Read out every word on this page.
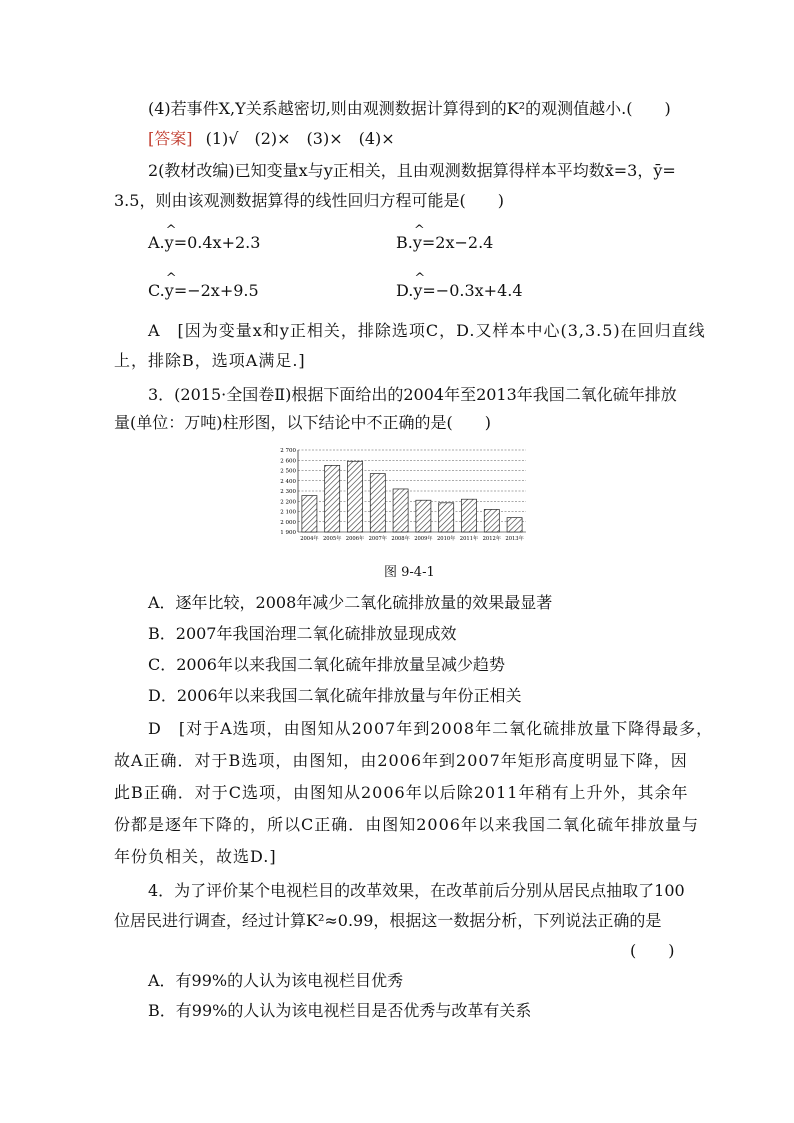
(4)若事件X,Y关系越密切,则由观测数据计算得到的K²的观测值越小.(　　)
[答案] (1)√　(2)×　(3)×　(4)×
2(教材改编)已知变量x与y正相关，且由观测数据算得样本平均数x̄=3，ȳ=
3.5，则由该观测数据算得的线性回归方程可能是(　　)
A.^ y=0.4x+2.3	B.^ y=2x−2.4
C.^ y=−2x+9.5	D.^ y=−0.3x+4.4
A　[因为变量x和y正相关，排除选项C，D.又样本中心(3,3.5)在回归直线
上，排除B，选项A满足.]
3．(2015·全国卷Ⅱ)根据下面给出的2004年至2013年我国二氧化硫年排放
量(单位：万吨)柱形图，以下结论中不正确的是(　　)
1 900
2 000
2 100
2 200
2 300
2 400
2 500
2 600
2 700
2004年 2005年 2006年 2007年 2008年 2009年 2010年 2011年 2012年 2013年
图 9-4-1
A．逐年比较，2008年减少二氧化硫排放量的效果最显著
B．2007年我国治理二氧化硫排放显现成效
C．2006年以来我国二氧化硫年排放量呈减少趋势
D．2006年以来我国二氧化硫年排放量与年份正相关
D　[对于A选项，由图知从2007年到2008年二氧化硫排放量下降得最多，
故A正确．对于B选项，由图知，由2006年到2007年矩形高度明显下降，因
此B正确．对于C选项，由图知从2006年以后除2011年稍有上升外，其余年
份都是逐年下降的，所以C正确．由图知2006年以来我国二氧化硫年排放量与
年份负相关，故选D.]
4．为了评价某个电视栏目的改革效果，在改革前后分别从居民点抽取了100
位居民进行调查，经过计算K²≈0.99，根据这一数据分析，下列说法正确的是
(　　)
A．有99%的人认为该电视栏目优秀
B．有99%的人认为该电视栏目是否优秀与改革有关系
